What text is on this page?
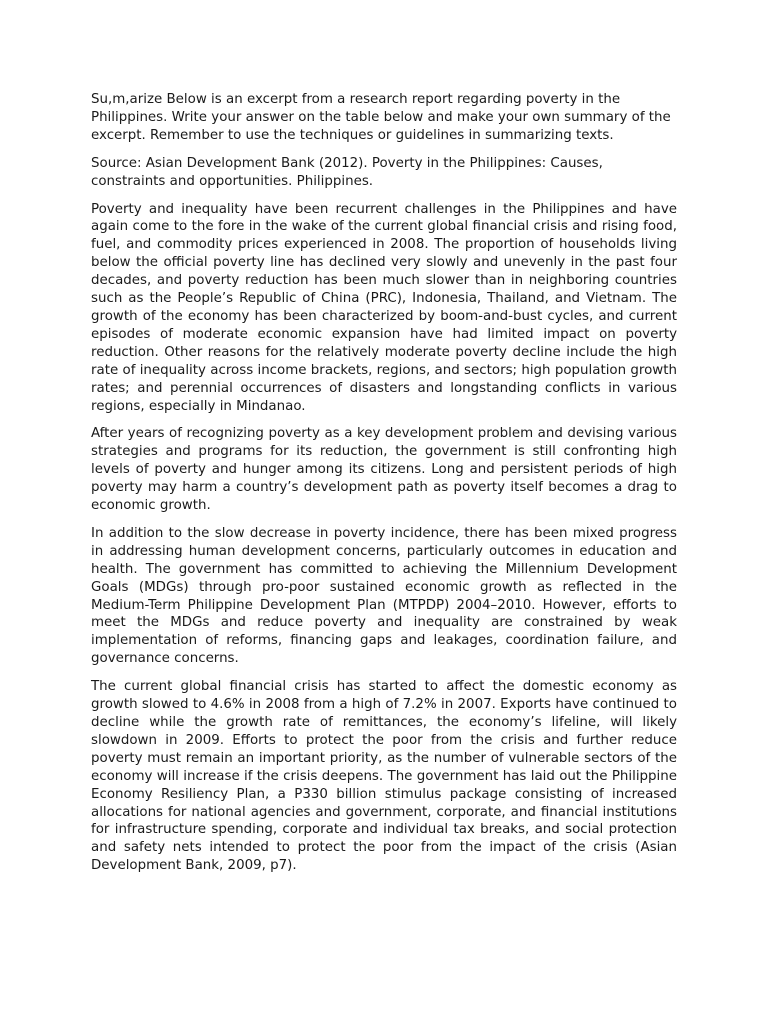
Su,m,arize Below is an excerpt from a research report regarding poverty in the Philippines. Write your answer on the table below and make your own summary of the excerpt. Remember to use the techniques or guidelines in summarizing texts.

Source: Asian Development Bank (2012). Poverty in the Philippines: Causes, constraints and opportunities. Philippines.

Poverty and inequality have been recurrent challenges in the Philippines and have again come to the fore in the wake of the current global financial crisis and rising food, fuel, and commodity prices experienced in 2008. The proportion of households living below the official poverty line has declined very slowly and unevenly in the past four decades, and poverty reduction has been much slower than in neighboring countries such as the People’s Republic of China (PRC), Indonesia, Thailand, and Vietnam. The growth of the economy has been characterized by boom-and-bust cycles, and current episodes of moderate economic expansion have had limited impact on poverty reduction. Other reasons for the relatively moderate poverty decline include the high rate of inequality across income brackets, regions, and sectors; high population growth rates; and perennial occurrences of disasters and longstanding conflicts in various regions, especially in Mindanao.

After years of recognizing poverty as a key development problem and devising various strategies and programs for its reduction, the government is still confronting high levels of poverty and hunger among its citizens. Long and persistent periods of high poverty may harm a country’s development path as poverty itself becomes a drag to economic growth.

In addition to the slow decrease in poverty incidence, there has been mixed progress in addressing human development concerns, particularly outcomes in education and health. The government has committed to achieving the Millennium Development Goals (MDGs) through pro-poor sustained economic growth as reflected in the Medium-Term Philippine Development Plan (MTPDP) 2004–2010. However, efforts to meet the MDGs and reduce poverty and inequality are constrained by weak implementation of reforms, financing gaps and leakages, coordination failure, and governance concerns.

The current global financial crisis has started to affect the domestic economy as growth slowed to 4.6% in 2008 from a high of 7.2% in 2007. Exports have continued to decline while the growth rate of remittances, the economy’s lifeline, will likely slowdown in 2009. Efforts to protect the poor from the crisis and further reduce poverty must remain an important priority, as the number of vulnerable sectors of the economy will increase if the crisis deepens. The government has laid out the Philippine Economy Resiliency Plan, a P330 billion stimulus package consisting of increased allocations for national agencies and government, corporate, and financial institutions for infrastructure spending, corporate and individual tax breaks, and social protection and safety nets intended to protect the poor from the impact of the crisis (Asian Development Bank, 2009, p7).
